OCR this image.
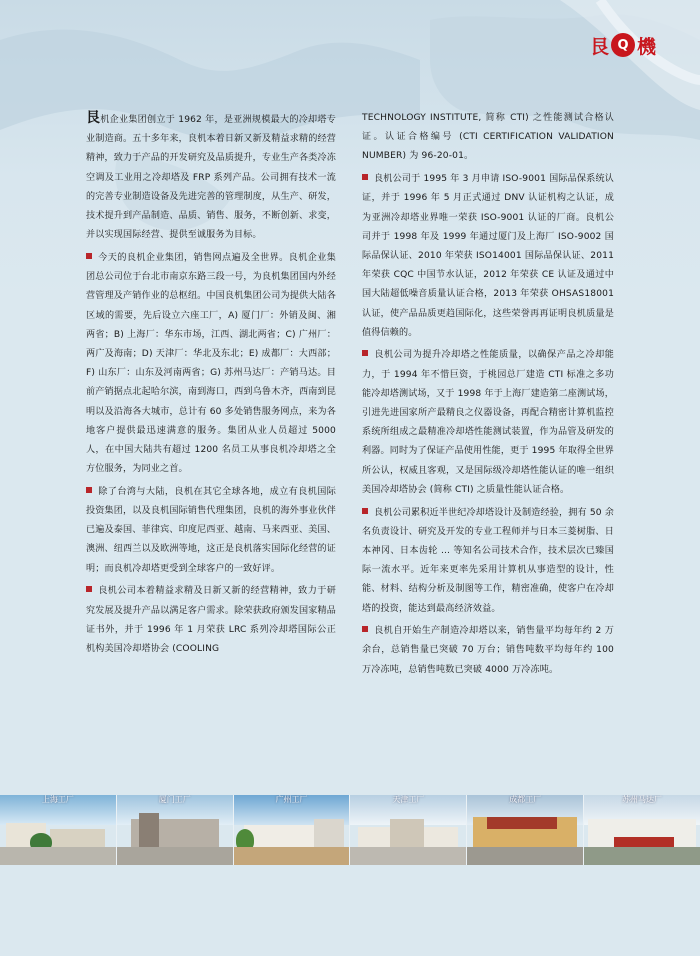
艮 Q 機

艮机企业集团创立于 1962 年，是亚洲规模最大的冷却塔专业制造商。五十多年来，良机本着日新又新及精益求精的经营精神，致力于产品的开发研究及品质提升，专业生产各类冷冻空调及工业用之冷却塔及 FRP 系列产品。公司拥有技术一流的完善专业制造设备及先进完善的管理制度，从生产、研发，技术提升到产品制造、品质、销售、服务，不断创新、求变，并以实现国际经营、提供至诚服务为目标。

今天的良机企业集团，销售网点遍及全世界。良机企业集团总公司位于台北市南京东路三段一号，为良机集团国内外经营管理及产销作业的总枢纽。中国良机集团公司为提供大陆各区域的需要，先后设立六座工厂，A) 厦门厂：外销及闽、湘两省；B) 上海厂：华东市场，江西、湖北两省；C) 广州厂：两广及海南；D) 天津厂：华北及东北；E) 成都厂：大西部；F) 山东厂：山东及河南两省；G) 苏州马达厂：产销马达。目前产销据点北起哈尔滨，南到海口，西到乌鲁木齐，西南到昆明以及沿海各大城市，总计有 60 多处销售服务网点，来为各地客户提供最迅速满意的服务。集团从业人员超过 5000 人，在中国大陆共有超过 1200 名员工从事良机冷却塔之全方位服务，为同业之首。

除了台湾与大陆，良机在其它全球各地，成立有良机国际投资集团，以及良机国际销售代理集团，良机的海外事业伙伴已遍及泰国、菲律宾、印度尼西亚、越南、马来西亚、美国、澳洲、纽西兰以及欧洲等地，这正是良机落实国际化经营的证明；而良机冷却塔更受到全球客户的一致好评。

良机公司本着精益求精及日新又新的经营精神，致力于研究发展及提升产品以满足客户需求。除荣获政府颁发国家精品证书外，并于 1996 年 1 月荣获 LRC 系列冷却塔国际公正机构美国冷却塔协会 (COOLING

TECHNOLOGY INSTITUTE, 简称 CTI) 之性能测试合格认证。认证合格编号 (CTI CERTIFICATION VALIDATION NUMBER) 为 96-20-01。

良机公司于 1995 年 3 月申请 ISO-9001 国际品保系统认证，并于 1996 年 5 月正式通过 DNV 认证机构之认证，成为亚洲冷却塔业界唯一荣获 ISO-9001 认证的厂商。良机公司并于 1998 年及 1999 年通过厦门及上海厂 ISO-9002 国际品保认证、2010 年荣获 ISO14001 国际品保认证、2011 年荣获 CQC 中国节水认证，2012 年荣获 CE 认证及通过中国大陆超低噪音质量认证合格，2013 年荣获 OHSAS18001 认证，使产品品质更趋国际化，这些荣誉再再证明良机质量是值得信赖的。

良机公司为提升冷却塔之性能质量，以确保产品之冷却能力，于 1994 年不惜巨资，于桃园总厂建造 CTI 标准之多功能冷却塔测试场，又于 1998 年于上海厂建造第二座测试场，引进先进国家所产最精良之仪器设备，再配合精密计算机监控系统所组成之最精准冷却塔性能测试装置，作为品管及研发的利器。同时为了保证产品使用性能，更于 1995 年取得全世界所公认，权威且客观，又是国际级冷却塔性能认证的唯一组织美国冷却塔协会 (简称 CTI) 之质量性能认证合格。

良机公司累积近半世纪冷却塔设计及制造经验，拥有 50 余名负责设计、研究及开发的专业工程师并与日本三菱树脂、日本神冈、日本齿轮 ... 等知名公司技术合作，技术层次已臻国际一流水平。近年来更率先采用计算机从事造型的设计，性能、材料、结构分析及制图等工作，精密准确，使客户在冷却塔的投资，能达到最高经济效益。

良机自开始生产制造冷却塔以来，销售量平均每年约 2 万余台，总销售量已突破 70 万台；销售吨数平均每年约 100 万冷冻吨，总销售吨数已突破 4000 万冷冻吨。

上海工厂	厦门工厂	广州工厂	天津工厂	成都工厂	苏州马达厂
